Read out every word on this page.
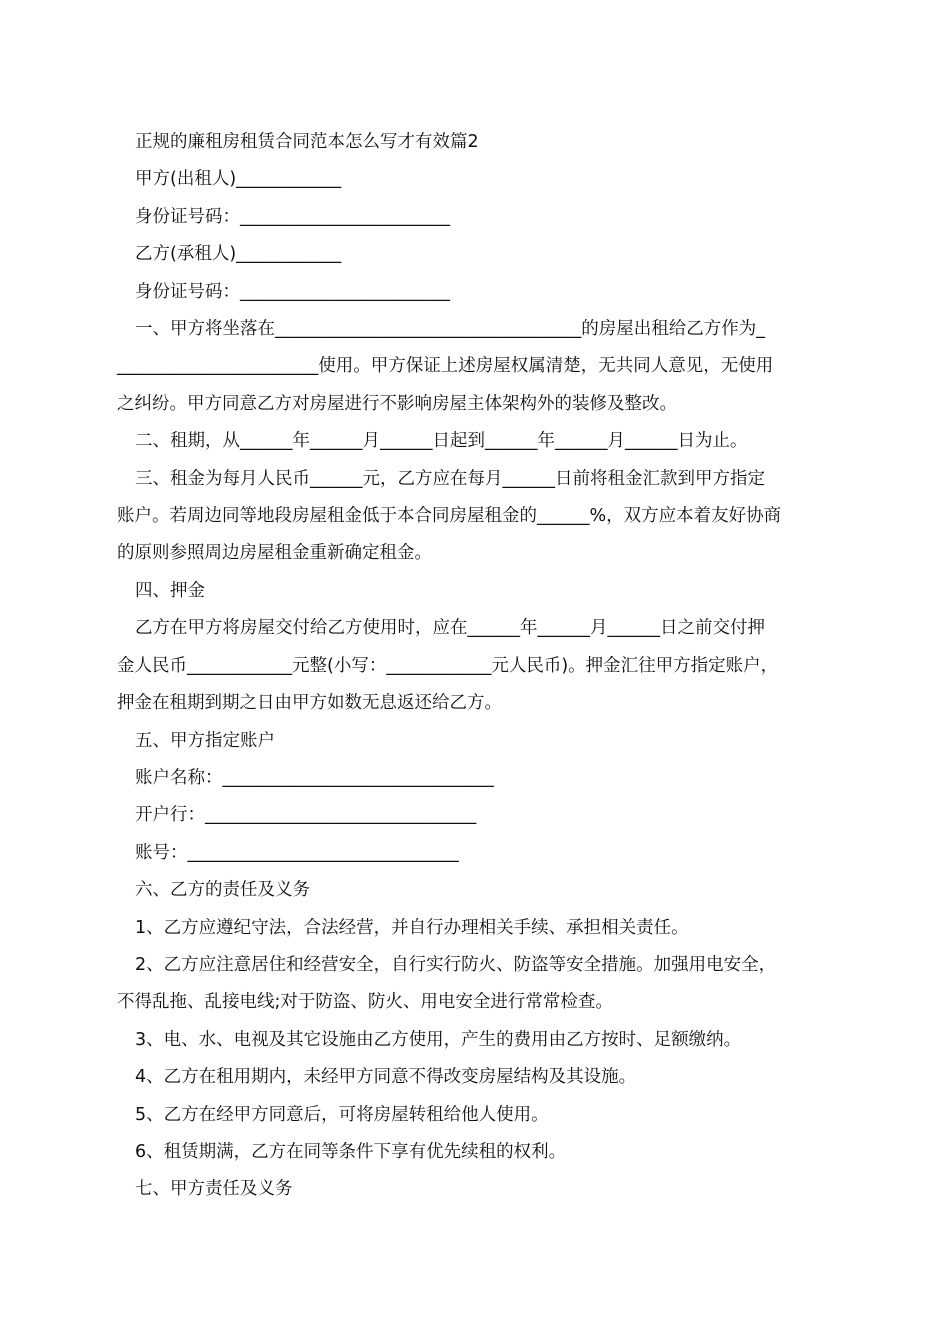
正规的廉租房租赁合同范本怎么写才有效篇2
甲方(出租人)____________
身份证号码：________________________
乙方(承租人)____________
身份证号码：________________________
一、甲方将坐落在___________________________________的房屋出租给乙方作为_
_______________________使用。甲方保证上述房屋权属清楚，无共同人意见，无使用
之纠纷。甲方同意乙方对房屋进行不影响房屋主体架构外的装修及整改。
二、租期，从______年______月______日起到______年______月______日为止。
三、租金为每月人民币______元，乙方应在每月______日前将租金汇款到甲方指定
账户。若周边同等地段房屋租金低于本合同房屋租金的______%，双方应本着友好协商
的原则参照周边房屋租金重新确定租金。
四、押金
乙方在甲方将房屋交付给乙方使用时，应在______年______月______日之前交付押
金人民币____________元整(小写：____________元人民币)。押金汇往甲方指定账户，
押金在租期到期之日由甲方如数无息返还给乙方。
五、甲方指定账户
账户名称：_______________________________
开户行：_______________________________
账号：_______________________________
六、乙方的责任及义务
1、乙方应遵纪守法，合法经营，并自行办理相关手续、承担相关责任。
2、乙方应注意居住和经营安全，自行实行防火、防盗等安全措施。加强用电安全，
不得乱拖、乱接电线;对于防盗、防火、用电安全进行常常检查。
3、电、水、电视及其它设施由乙方使用，产生的费用由乙方按时、足额缴纳。
4、乙方在租用期内，未经甲方同意不得改变房屋结构及其设施。
5、乙方在经甲方同意后，可将房屋转租给他人使用。
6、租赁期满，乙方在同等条件下享有优先续租的权利。
七、甲方责任及义务
